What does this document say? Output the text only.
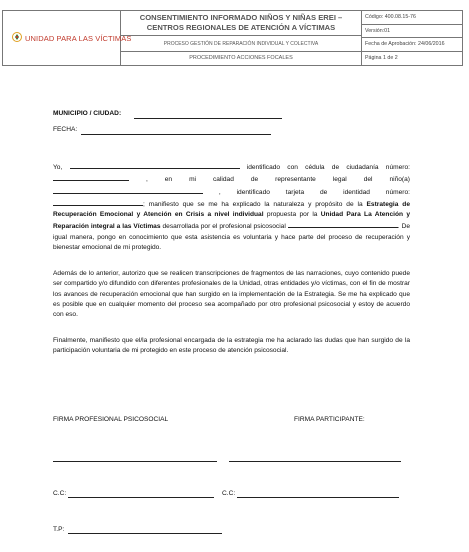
UNIDAD PARA LAS VÍCTIMAS
CONSENTIMIENTO INFORMADO NIÑOS Y NIÑAS EREI – CENTROS REGIONALES DE ATENCIÓN A VÍCTIMAS
PROCESO GESTIÓN DE REPARACIÓN INDIVIDUAL Y COLECTIVA
PROCEDIMIENTO ACCIONES FOCALES
Código: 400.08.15-76
Versión:01
Fecha de Aprobación: 24/06/2016
Página 1 de 2
MUNICIPIO / CIUDAD:
FECHA:
Yo,	identificado con cédula de ciudadanía número:  , en mi calidad de representante legal del niño(a)  , identificado tarjeta de identidad número: ; manifiesto que se me ha explicado la naturaleza y propósito de la Estrategia de Recuperación Emocional y Atención en Crisis a nivel individual propuesta por la Unidad Para La Atención y Reparación integral a las Víctimas desarrollada por el profesional psicosocial	. De igual manera, pongo en conocimiento que esta asistencia es voluntaria y hace parte del proceso de recuperación y bienestar emocional de mi protegido.
Además de lo anterior, autorizo que se realicen transcripciones de fragmentos de las narraciones, cuyo contenido puede ser compartido y/o difundido con diferentes profesionales de la Unidad, otras entidades y/o víctimas, con el fin de mostrar los avances de recuperación emocional que han surgido en la implementación de la Estrategia. Se me ha explicado que es posible que en cualquier momento del proceso sea acompañado por otro profesional psicosocial y estoy de acuerdo con eso.
Finalmente, manifiesto que el/la profesional encargada de la estrategia me ha aclarado las dudas que han surgido de la participación voluntaria de mi protegido en este proceso de atención psicosocial.
FIRMA PROFESIONAL PSICOSOCIAL	FIRMA PARTICIPANTE:
C.C:	C.C:
T.P:
